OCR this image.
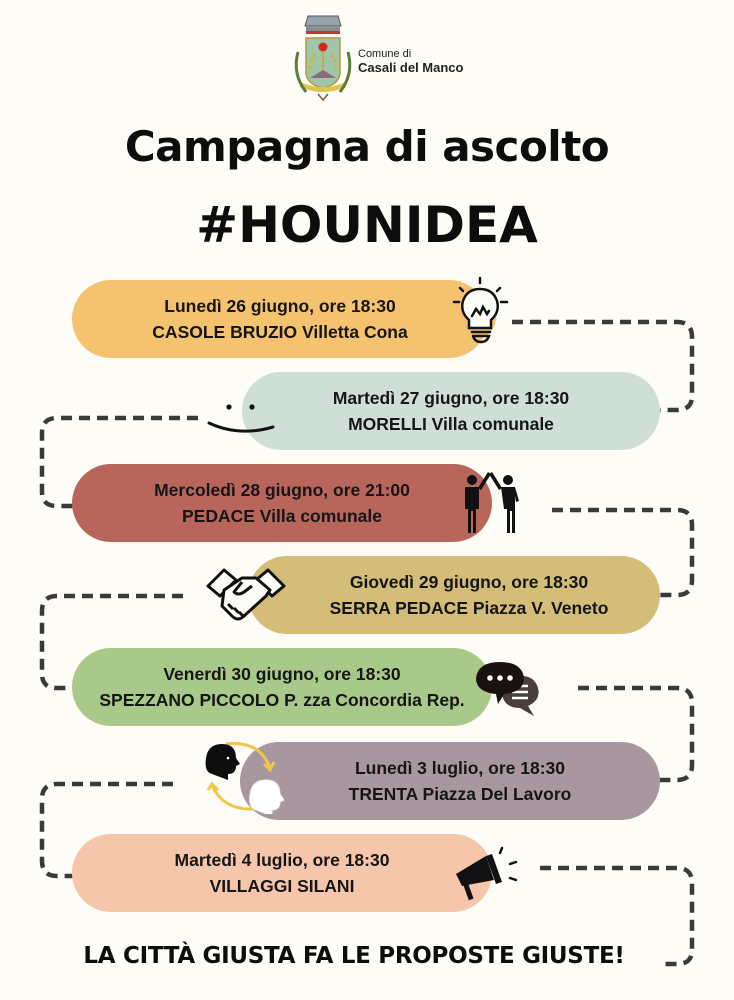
Comune di
Casali del Manco
Campagna di ascolto
#HOUNIDEA
Lunedì 26 giugno, ore 18:30
CASOLE BRUZIO Villetta Cona
Martedì 27 giugno, ore 18:30
MORELLI Villa comunale
Mercoledì 28 giugno, ore 21:00
PEDACE Villa comunale
Giovedì 29 giugno, ore 18:30
SERRA PEDACE Piazza V. Veneto
Venerdì 30 giugno, ore 18:30
SPEZZANO PICCOLO P. zza Concordia Rep.
Lunedì 3 luglio, ore 18:30
TRENTA Piazza Del Lavoro
Martedì 4 luglio, ore 18:30
VILLAGGI SILANI
LA CITTÀ GIUSTA FA LE PROPOSTE GIUSTE!
